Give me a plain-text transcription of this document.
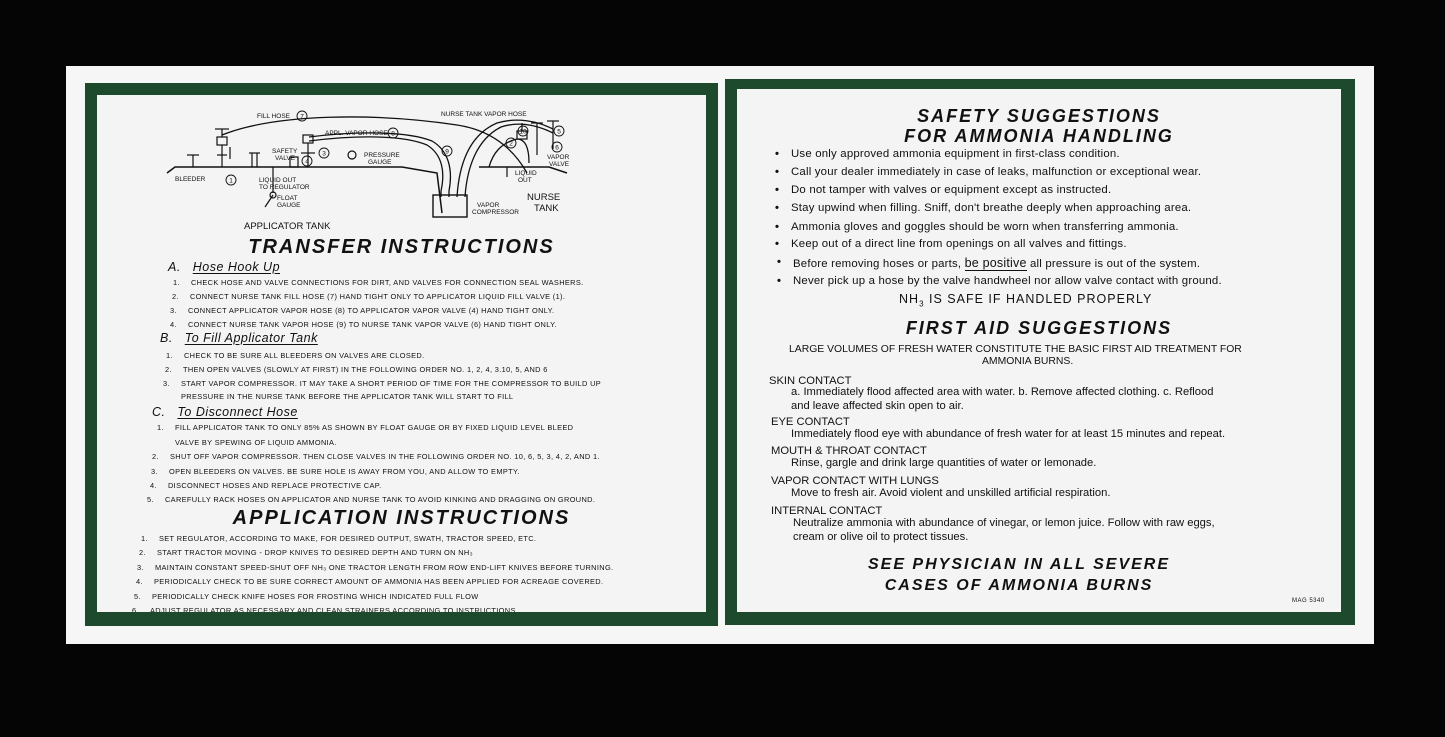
7
8
1
4
3	9
10	5
6
2
FILL HOSE
APPL. VAPOR HOSE
NURSE TANK VAPOR HOSE
SAFETY
VALVE	PRESSURE
GAUGE
BLEEDER	LIQUID OUT
TO REGULATOR
FLOAT
GAUGE	VAPOR
COMPRESSOR
LIQUID
OUT
VAPOR
VALVE
APPLICATOR TANK
NURSE
TANK
TRANSFER INSTRUCTIONS
A. Hose Hook Up
1. CHECK HOSE AND VALVE CONNECTIONS FOR DIRT, AND VALVES FOR CONNECTION SEAL WASHERS.
2. CONNECT NURSE TANK FILL HOSE (7) HAND TIGHT ONLY TO APPLICATOR LIQUID FILL VALVE (1).
3. CONNECT APPLICATOR VAPOR HOSE (8) TO APPLICATOR VAPOR VALVE (4) HAND TIGHT ONLY.
4. CONNECT NURSE TANK VAPOR HOSE (9) TO NURSE TANK VAPOR VALVE (6) HAND TIGHT ONLY.
B. To Fill Applicator Tank
1. CHECK TO BE SURE ALL BLEEDERS ON VALVES ARE CLOSED.
2. THEN OPEN VALVES (SLOWLY AT FIRST) IN THE FOLLOWING ORDER NO. 1, 2, 4, 3.10, 5, AND 6
3. START VAPOR COMPRESSOR. IT MAY TAKE A SHORT PERIOD OF TIME FOR THE COMPRESSOR TO BUILD UP
PRESSURE IN THE NURSE TANK BEFORE THE APPLICATOR TANK WILL START TO FILL
C. To Disconnect Hose
1. FILL APPLICATOR TANK TO ONLY 85% AS SHOWN BY FLOAT GAUGE OR BY FIXED LIQUID LEVEL BLEED
VALVE BY SPEWING OF LIQUID AMMONIA.
2. SHUT OFF VAPOR COMPRESSOR. THEN CLOSE VALVES IN THE FOLLOWING ORDER NO. 10, 6, 5, 3, 4, 2, AND 1.
3. OPEN BLEEDERS ON VALVES. BE SURE HOLE IS AWAY FROM YOU, AND ALLOW TO EMPTY.
4. DISCONNECT HOSES AND REPLACE PROTECTIVE CAP.
5. CAREFULLY RACK HOSES ON APPLICATOR AND NURSE TANK TO AVOID KINKING AND DRAGGING ON GROUND.
APPLICATION INSTRUCTIONS
1. SET REGULATOR, ACCORDING TO MAKE, FOR DESIRED OUTPUT, SWATH, TRACTOR SPEED, ETC.
2. START TRACTOR MOVING - DROP KNIVES TO DESIRED DEPTH AND TURN ON NH₃
3. MAINTAIN CONSTANT SPEED-SHUT OFF NH₃ ONE TRACTOR LENGTH FROM ROW END-LIFT KNIVES BEFORE TURNING.
4. PERIODICALLY CHECK TO BE SURE CORRECT AMOUNT OF AMMONIA HAS BEEN APPLIED FOR ACREAGE COVERED.
5. PERIODICALLY CHECK KNIFE HOSES FOR FROSTING WHICH INDICATED FULL FLOW
6. ADJUST REGULATOR AS NECESSARY AND CLEAN STRAINERS ACCORDING TO INSTRUCTIONS.
SAFETY SUGGESTIONS
FOR AMMONIA HANDLING
• Use only approved ammonia equipment in first-class condition.
• Call your dealer immediately in case of leaks, malfunction or exceptional wear.
• Do not tamper with valves or equipment except as instructed.
• Stay upwind when filling. Sniff, don't breathe deeply when approaching area.
• Ammonia gloves and goggles should be worn when transferring ammonia.
• Keep out of a direct line from openings on all valves and fittings.
• Before removing hoses or parts, be positive all pressure is out of the system.
• Never pick up a hose by the valve handwheel nor allow valve contact with ground.
$NH_3$ IS SAFE IF HANDLED PROPERLY
FIRST AID SUGGESTIONS
LARGE VOLUMES OF FRESH WATER CONSTITUTE THE BASIC FIRST AID TREATMENT FOR
AMMONIA BURNS.
SKIN CONTACT
a. Immediately flood affected area with water. b. Remove affected clothing. c. Reflood
and leave affected skin open to air.
EYE CONTACT
Immediately flood eye with abundance of fresh water for at least 15 minutes and repeat.
MOUTH & THROAT CONTACT
Rinse, gargle and drink large quantities of water or lemonade.
VAPOR CONTACT WITH LUNGS
Move to fresh air. Avoid violent and unskilled artificial respiration.
INTERNAL CONTACT
Neutralize ammonia with abundance of vinegar, or lemon juice. Follow with raw eggs,
cream or olive oil to protect tissues.
SEE PHYSICIAN IN ALL SEVERE
CASES OF AMMONIA BURNS
MAG 5340
